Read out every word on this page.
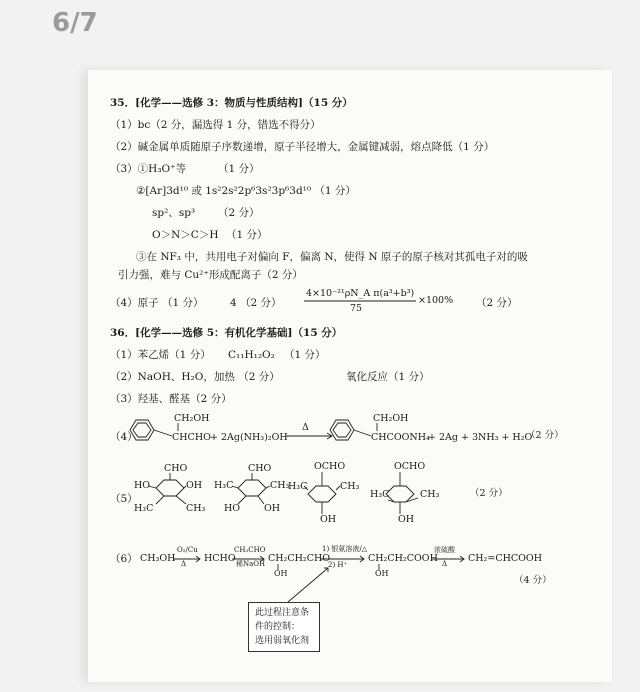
6/7
35．[化学——选修 3：物质与性质结构]（15 分）
（1）bc（2 分，漏选得 1 分，错选不得分）
（2）碱金属单质随原子序数递增，原子半径增大，金属键减弱，熔点降低（1 分）
（3）①H₃O⁺等	（1 分）
②[Ar]3d¹⁰ 或 1s²2s²2p⁶3s²3p⁶3d¹⁰ （1 分）
sp²、sp³ （2 分）
O＞N＞C＞H （1 分）
③在 NF₃ 中，共用电子对偏向 F，偏离 N，使得 N 原子的原子核对其孤电子对的吸
引力强，难与 Cu²⁺形成配离子（2 分）
（4）原子 （1 分）	4 （2 分）
4×10⁻²¹ρN_A π(a³+b³)
75
×100% （2 分）
36．[化学——选修 5：有机化学基础]（15 分）
（1）苯乙烯（1 分） C₁₁H₁₂O₂ （1 分）
（2）NaOH、H₂O，加热 （2 分）	氧化反应（1 分）
（3）羟基、醛基（2 分）
（4）
CH₂OH
CHCHO + 2Ag(NH₃)₂OH
Δ
CH₂OH
CHCOONH₄
+ 2Ag + 3NH₃ + H₂O
（2 分）
（5）
CHO
HO	OH
H₃C	CH₃
CHO
H₃C	CH₃
HO	OH
OCHO
H₃C	CH₃
OH
OCHO
H₃C	CH₃
OH
（2 分）
（6） CH₃OH
O₂/Cu
Δ HCHO
CH₃CHO
稀NaOH CH₂CH₂CHO
OH
1) 银氨溶液/△
2) H⁺
CH₂CH₂COOH
OH
浓硫酸
Δ CH₂=CHCOOH
（4 分）
此过程注意条
件的控制：
选用弱氧化剂
